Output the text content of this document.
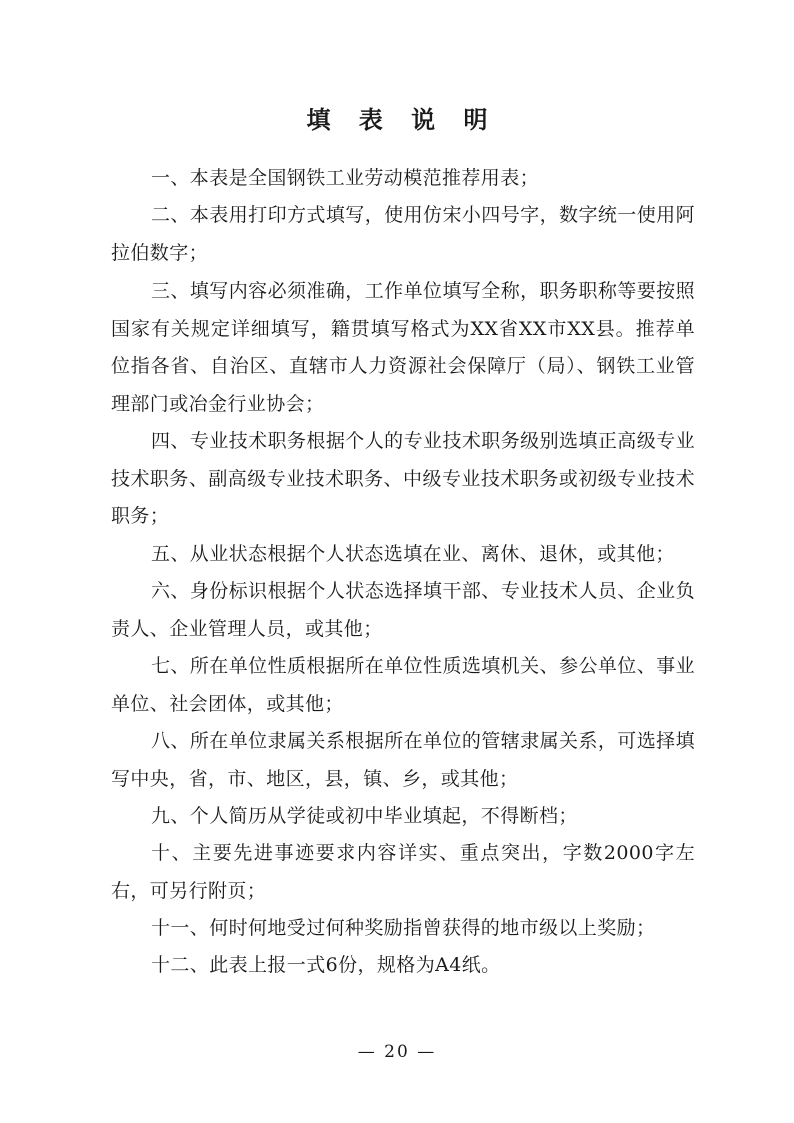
填 表 说 明

一、本表是全国钢铁工业劳动模范推荐用表；

二、本表用打印方式填写，使用仿宋小四号字，数字统一使用阿拉伯数字；

三、填写内容必须准确，工作单位填写全称，职务职称等要按照国家有关规定详细填写，籍贯填写格式为XX省XX市XX县。推荐单位指各省、自治区、直辖市人力资源社会保障厅（局）、钢铁工业管理部门或冶金行业协会；

四、专业技术职务根据个人的专业技术职务级别选填正高级专业技术职务、副高级专业技术职务、中级专业技术职务或初级专业技术职务；

五、从业状态根据个人状态选填在业、离休、退休，或其他；

六、身份标识根据个人状态选择填干部、专业技术人员、企业负责人、企业管理人员，或其他；

七、所在单位性质根据所在单位性质选填机关、参公单位、事业单位、社会团体，或其他；

八、所在单位隶属关系根据所在单位的管辖隶属关系，可选择填写中央，省，市、地区，县，镇、乡，或其他；

九、个人简历从学徒或初中毕业填起，不得断档；

十、主要先进事迹要求内容详实、重点突出，字数2000字左右，可另行附页；

十一、何时何地受过何种奖励指曾获得的地市级以上奖励；

十二、此表上报一式6份，规格为A4纸。

— 20 —
